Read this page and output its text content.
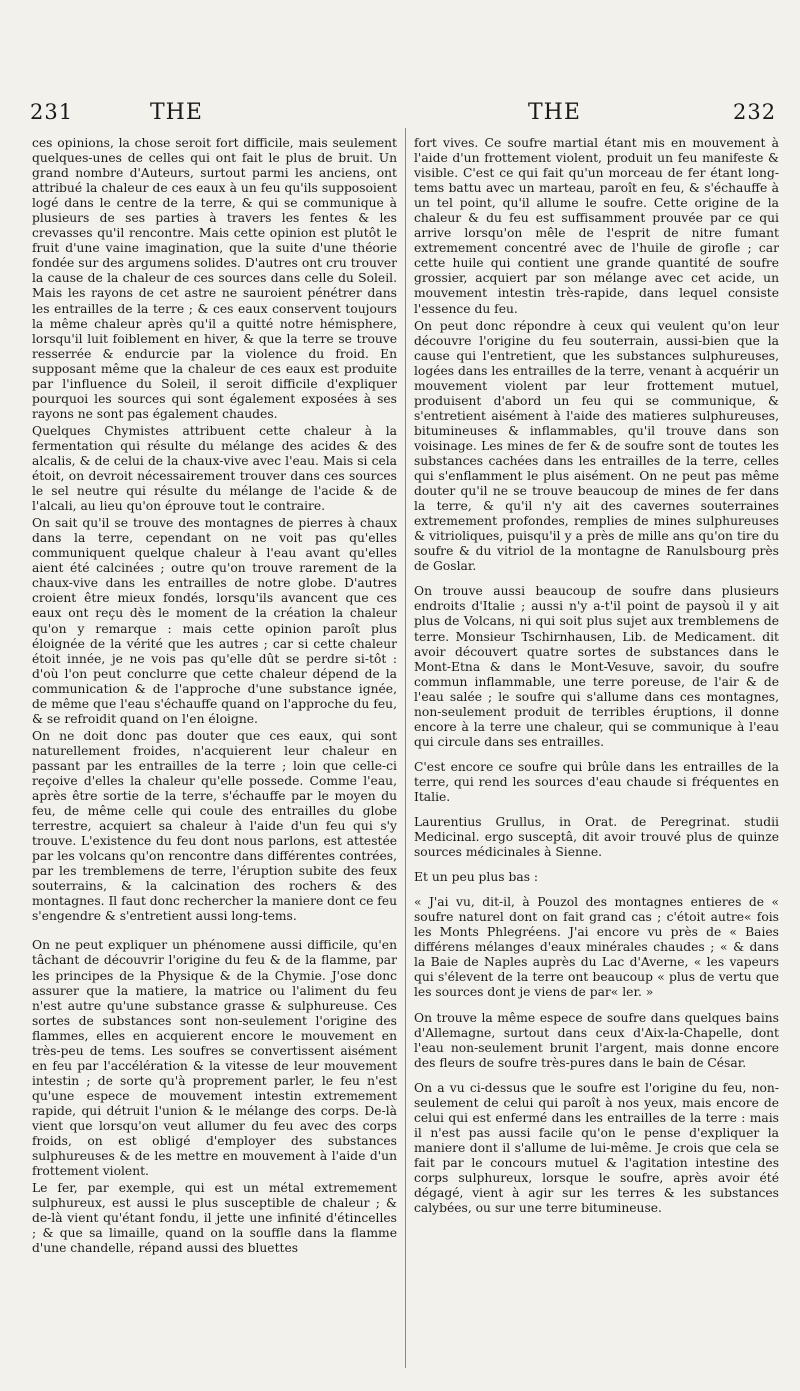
231	THE	THE	232

ces opinions, la chose seroit fort difficile, mais seulement quelques-unes de celles qui ont fait le plus de bruit. Un grand nombre d'Auteurs, surtout parmi les anciens, ont attribué la chaleur de ces eaux à un feu qu'ils supposoient logé dans le centre de la terre, & qui se communique à plusieurs de ses parties à travers les fentes & les crevasses qu'il rencontre. Mais cette opinion est plutôt le fruit d'une vaine imagination, que la suite d'une théorie fondée sur des argumens solides. D'autres ont cru trouver la cause de la chaleur de ces sources dans celle du Soleil. Mais les rayons de cet astre ne sauroient pénétrer dans les entrailles de la terre ; & ces eaux conservent toujours la même chaleur après qu'il a quitté notre hémisphere, lorsqu'il luit foiblement en hiver, & que la terre se trouve resserrée & endurcie par la violence du froid. En supposant même que la chaleur de ces eaux est produite par l'influence du Soleil, il seroit difficile d'expliquer pourquoi les sources qui sont également exposées à ses rayons ne sont pas également chaudes.

Quelques Chymistes attribuent cette chaleur à la fermentation qui résulte du mélange des acides & des alcalis, & de celui de la chaux-vive avec l'eau. Mais si cela étoit, on devroit nécessairement trouver dans ces sources le sel neutre qui résulte du mélange de l'acide & de l'alcali, au lieu qu'on éprouve tout le contraire.

On sait qu'il se trouve des montagnes de pierres à chaux dans la terre, cependant on ne voit pas qu'elles communiquent quelque chaleur à l'eau avant qu'elles aient été calcinées ; outre qu'on trouve rarement de la chaux-vive dans les entrailles de notre globe. D'autres croient être mieux fondés, lorsqu'ils avancent que ces eaux ont reçu dès le moment de la création la chaleur qu'on y remarque : mais cette opinion paroît plus éloignée de la vérité que les autres ; car si cette chaleur étoit innée, je ne vois pas qu'elle dût se perdre si-tôt : d'où l'on peut conclurre que cette chaleur dépend de la communication & de l'approche d'une substance ignée, de même que l'eau s'échauffe quand on l'approche du feu, & se refroidit quand on l'en éloigne.

On ne doit donc pas douter que ces eaux, qui sont naturellement froides, n'acquierent leur chaleur en passant par les entrailles de la terre ; loin que celle-ci reçoive d'elles la chaleur qu'elle possede. Comme l'eau, après être sortie de la terre, s'échauffe par le moyen du feu, de même celle qui coule des entrailles du globe terrestre, acquiert sa chaleur à l'aide d'un feu qui s'y trouve. L'existence du feu dont nous parlons, est attestée par les volcans qu'on rencontre dans différentes contrées, par les tremblemens de terre, l'éruption subite des feux souterrains, & la calcination des rochers & des montagnes. Il faut donc rechercher la maniere dont ce feu s'engendre & s'entretient aussi long-tems.

On ne peut expliquer un phénomene aussi difficile, qu'en tâchant de découvrir l'origine du feu & de la flamme, par les principes de la Physique & de la Chymie. J'ose donc assurer que la matiere, la matrice ou l'aliment du feu n'est autre qu'une substance grasse & sulphureuse. Ces sortes de substances sont non-seulement l'origine des flammes, elles en acquierent encore le mouvement en très-peu de tems. Les soufres se convertissent aisément en feu par l'accélération & la vitesse de leur mouvement intestin ; de sorte qu'à proprement parler, le feu n'est qu'une espece de mouvement intestin extremement rapide, qui détruit l'union & le mélange des corps. De-là vient que lorsqu'on veut allumer du feu avec des corps froids, on est obligé d'employer des substances sulphureuses & de les mettre en mouvement à l'aide d'un frottement violent.

Le fer, par exemple, qui est un métal extremement sulphureux, est aussi le plus susceptible de chaleur ; & de-là vient qu'étant fondu, il jette une infinité d'étincelles ; & que sa limaille, quand on la souffle dans la flamme d'une chandelle, répand aussi des bluettes

fort vives. Ce soufre martial étant mis en mouvement à l'aide d'un frottement violent, produit un feu manifeste & visible. C'est ce qui fait qu'un morceau de fer étant long-tems battu avec un marteau, paroît en feu, & s'échauffe à un tel point, qu'il allume le soufre. Cette origine de la chaleur & du feu est suffisamment prouvée par ce qui arrive lorsqu'on mêle de l'esprit de nitre fumant extremement concentré avec de l'huile de girofle ; car cette huile qui contient une grande quantité de soufre grossier, acquiert par son mélange avec cet acide, un mouvement intestin très-rapide, dans lequel consiste l'essence du feu.

On peut donc répondre à ceux qui veulent qu'on leur découvre l'origine du feu souterrain, aussi-bien que la cause qui l'entretient, que les substances sulphureuses, logées dans les entrailles de la terre, venant à acquérir un mouvement violent par leur frottement mutuel, produisent d'abord un feu qui se communique, & s'entretient aisément à l'aide des matieres sulphureuses, bitumineuses & inflammables, qu'il trouve dans son voisinage. Les mines de fer & de soufre sont de toutes les substances cachées dans les entrailles de la terre, celles qui s'enflamment le plus aisément. On ne peut pas même douter qu'il ne se trouve beaucoup de mines de fer dans la terre, & qu'il n'y ait des cavernes souterraines extremement profondes, remplies de mines sulphureuses & vitrioliques, puisqu'il y a près de mille ans qu'on tire du soufre & du vitriol de la montagne de Ranulsbourg près de Goslar.

On trouve aussi beaucoup de soufre dans plusieurs endroits d'Italie ; aussi n'y a-t'il point de paysoù il y ait plus de Volcans, ni qui soit plus sujet aux tremblemens de terre. Monsieur Tschirnhausen, Lib. de Medicament. dit avoir découvert quatre sortes de substances dans le Mont-Etna & dans le Mont-Vesuve, savoir, du soufre commun inflammable, une terre poreuse, de l'air & de l'eau salée ; le soufre qui s'allume dans ces montagnes, non-seulement produit de terribles éruptions, il donne encore à la terre une chaleur, qui se communique à l'eau qui circule dans ses entrailles.

C'est encore ce soufre qui brûle dans les entrailles de la terre, qui rend les sources d'eau chaude si fréquentes en Italie.

Laurentius Grullus, in Orat. de Peregrinat. studii Medicinal. ergo susceptâ, dit avoir trouvé plus de quinze sources médicinales à Sienne.

Et un peu plus bas :

« J'ai vu, dit-il, à Pouzol des montagnes entieres de « soufre naturel dont on fait grand cas ; c'étoit autre« fois les Monts Phlegréens. J'ai encore vu près de « Baies différens mélanges d'eaux minérales chaudes ; « & dans la Baie de Naples auprès du Lac d'Averne, « les vapeurs qui s'élevent de la terre ont beaucoup « plus de vertu que les sources dont je viens de par« ler. »

On trouve la même espece de soufre dans quelques bains d'Allemagne, surtout dans ceux d'Aix-la-Chapelle, dont l'eau non-seulement brunit l'argent, mais donne encore des fleurs de soufre très-pures dans le bain de César.

On a vu ci-dessus que le soufre est l'origine du feu, non-seulement de celui qui paroît à nos yeux, mais encore de celui qui est enfermé dans les entrailles de la terre : mais il n'est pas aussi facile qu'on le pense d'expliquer la maniere dont il s'allume de lui-même. Je crois que cela se fait par le concours mutuel & l'agitation intestine des corps sulphureux, lorsque le soufre, après avoir été dégagé, vient à agir sur les terres & les substances calybées, ou sur une terre bitumineuse.
